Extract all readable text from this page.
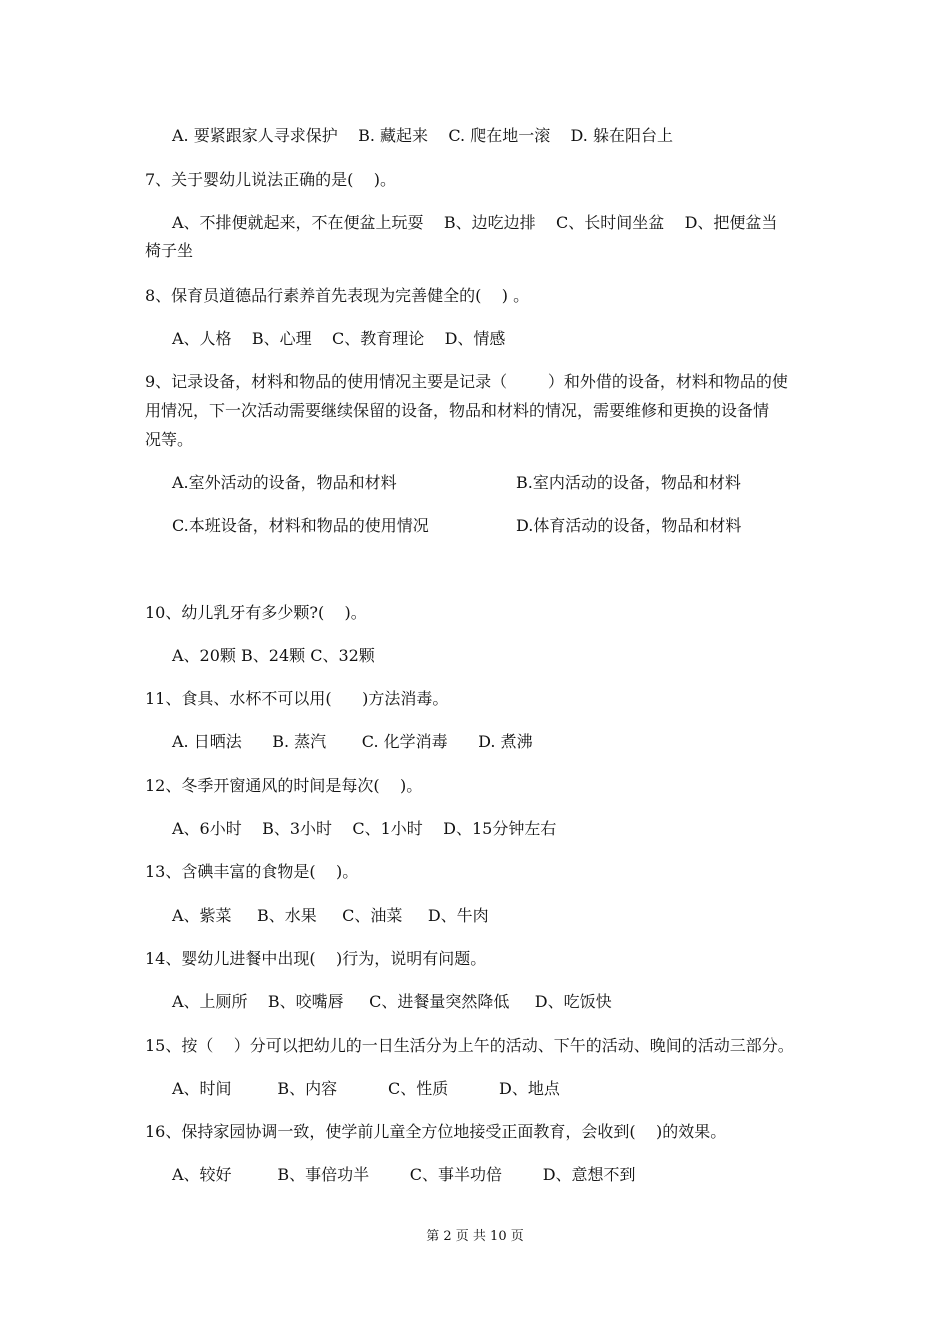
A. 要紧跟家人寻求保护    B. 藏起来    C. 爬在地一滚    D. 躲在阳台上
7、关于婴幼儿说法正确的是(    )。
A、不排便就起来，不在便盆上玩耍    B、边吃边排    C、长时间坐盆    D、把便盆当
椅子坐
8、保育员道德品行素养首先表现为完善健全的(    ) 。
A、人格    B、心理    C、教育理论    D、情感
9、记录设备，材料和物品的使用情况主要是记录（        ）和外借的设备，材料和物品的使
用情况，下一次活动需要继续保留的设备，物品和材料的情况，需要维修和更换的设备情
况等。
A.室外活动的设备，物品和材料	B.室内活动的设备，物品和材料
C.本班设备，材料和物品的使用情况	D.体育活动的设备，物品和材料
10、幼儿乳牙有多少颗?(    )。
A、20颗 B、24颗 C、32颗
11、食具、水杯不可以用(      )方法消毒。
A. 日晒法      B. 蒸汽       C. 化学消毒      D. 煮沸
12、冬季开窗通风的时间是每次(    )。
A、6小时    B、3小时    C、1小时    D、15分钟左右
13、含碘丰富的食物是(    )。
A、紫菜     B、水果     C、油菜     D、牛肉
14、婴幼儿进餐中出现(    )行为，说明有问题。
A、上厕所    B、咬嘴唇     C、进餐量突然降低     D、吃饭快
15、按（    ）分可以把幼儿的一日生活分为上午的活动、下午的活动、晚间的活动三部分。
A、时间         B、内容          C、性质          D、地点
16、保持家园协调一致，使学前儿童全方位地接受正面教育，会收到(    )的效果。
A、较好         B、事倍功半        C、事半功倍        D、意想不到
第 2 页 共 10 页
